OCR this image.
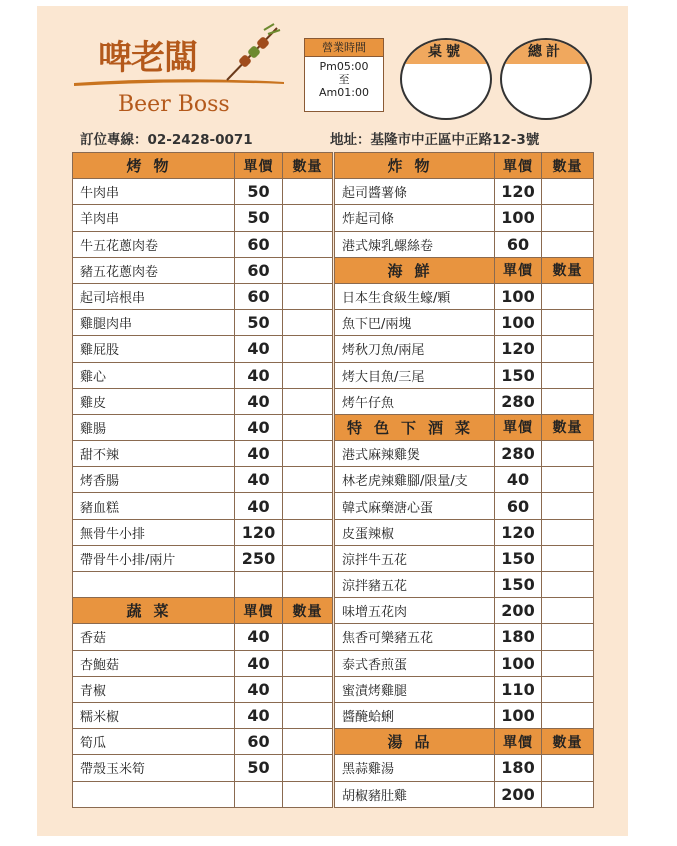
啤老闆
Beer Boss
營業時間
Pm05:00
至
Am01:00
桌號	總計
訂位專線：02-2428-0071	地址：基隆市中正區中正路12-3號
烤物	單價	數量
牛肉串	50	
羊肉串	50	
牛五花蔥肉卷	60	
豬五花蔥肉卷	60	
起司培根串	60	
雞腿肉串	50	
雞屁股	40	
雞心	40	
雞皮	40	
雞腸	40	
甜不辣	40	
烤香腸	40	
豬血糕	40	
無骨牛小排	120	
帶骨牛小排/兩片	250	

蔬菜	單價	數量
香菇	40	
杏鮑菇	40	
青椒	40	
糯米椒	40	
筍瓜	60	
帶殼玉米筍	50	

炸物	單價	數量
起司醬薯條	120	
炸起司條	100	
港式煉乳螺絲卷	60	
海鮮	單價	數量
日本生食級生蠔/顆	100	
魚下巴/兩塊	100	
烤秋刀魚/兩尾	120	
烤大目魚/三尾	150	
烤午仔魚	280	
特色下酒菜	單價	數量
港式麻辣雞煲	280	
林老虎辣雞腳/限量/支	40	
韓式麻藥溏心蛋	60	
皮蛋辣椒	120	
涼拌牛五花	150	
涼拌豬五花	150	
味增五花肉	200	
焦香可樂豬五花	180	
泰式香煎蛋	100	
蜜漬烤雞腿	110	
醬醃蛤蜊	100	
湯品	單價	數量
黑蒜雞湯	180	
胡椒豬肚雞	200	
